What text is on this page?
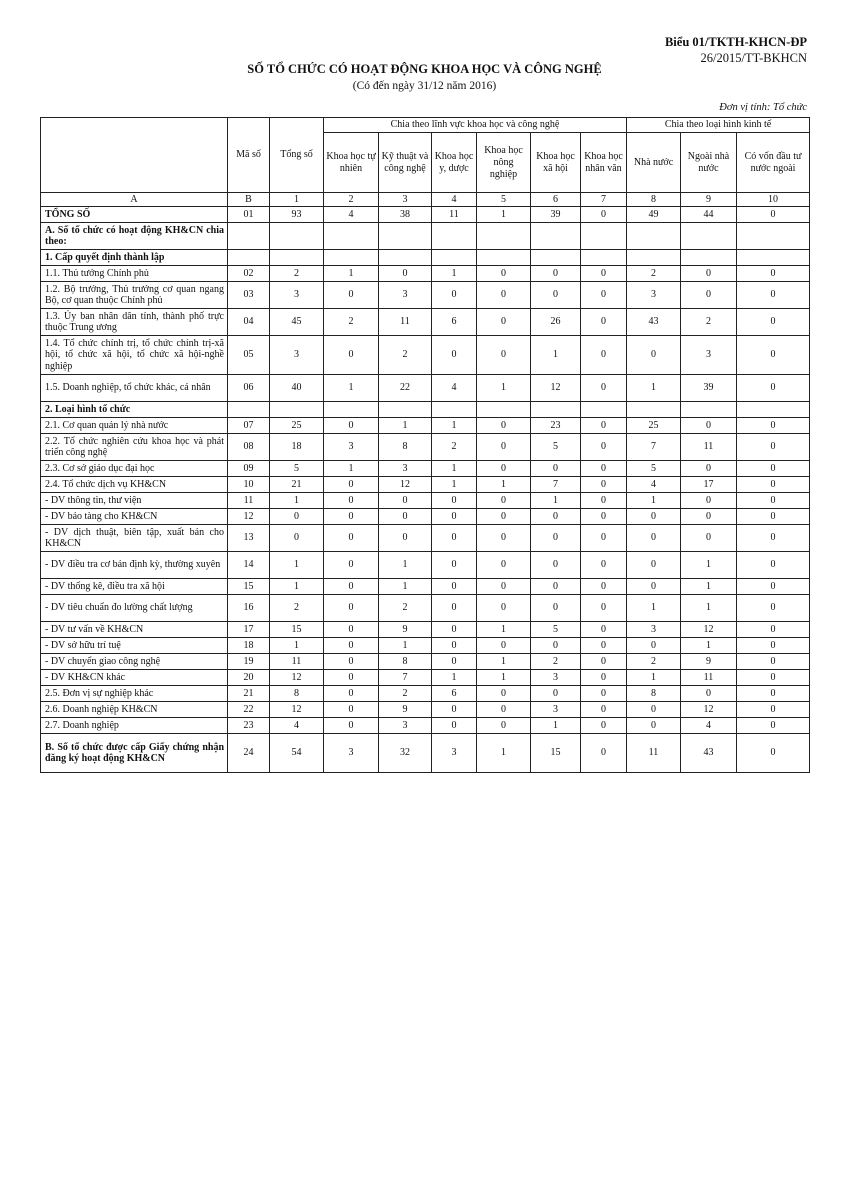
Biểu 01/TKTH-KHCN-ĐP
26/2015/TT-BKHCN
SỐ TỔ CHỨC CÓ HOẠT ĐỘNG KHOA HỌC VÀ CÔNG NGHỆ
(Có đến ngày 31/12 năm 2016)
Đơn vị tính: Tổ chức
	Mã số	Tổng số	Chia theo lĩnh vực khoa học và công nghệ						Chia theo loại hình kinh tế		
			Khoa học tự nhiên	Kỹ thuật và công nghệ	Khoa học y, dược	Khoa học nông nghiệp	Khoa học xã hội	Khoa học nhân văn	Nhà nước	Ngoài nhà nước	Có vốn đầu tư nước ngoài
A	B	1	2	3	4	5	6	7	8	9	10
TỔNG SỐ	01	93	4	38	11	1	39	0	49	44	0
A. Số tổ chức có hoạt động KH&CN chia theo:											
1. Cấp quyết định thành lập											
1.1. Thủ tướng Chính phủ	02	2	1	0	1	0	0	0	2	0	0
1.2. Bộ trưởng, Thủ trưởng cơ quan ngang Bộ, cơ quan thuộc Chính phủ	03	3	0	3	0	0	0	0	3	0	0
1.3. Ủy ban nhân dân tỉnh, thành phố trực thuộc Trung ương	04	45	2	11	6	0	26	0	43	2	0
1.4. Tổ chức chính trị, tổ chức chính trị-xã hội, tổ chức xã hội, tổ chức xã hội-nghề nghiệp	05	3	0	2	0	0	1	0	0	3	0
1.5. Doanh nghiệp, tổ chức khác, cá nhân	06	40	1	22	4	1	12	0	1	39	0
2. Loại hình tổ chức											
2.1. Cơ quan quản lý nhà nước	07	25	0	1	1	0	23	0	25	0	0
2.2. Tổ chức nghiên cứu khoa học và phát triển công nghệ	08	18	3	8	2	0	5	0	7	11	0
2.3. Cơ sở giáo dục đại học	09	5	1	3	1	0	0	0	5	0	0
2.4. Tổ chức dịch vụ KH&CN	10	21	0	12	1	1	7	0	4	17	0
- DV thông tin, thư viện	11	1	0	0	0	0	1	0	1	0	0
- DV bảo tàng cho KH&CN	12	0	0	0	0	0	0	0	0	0	0
- DV dịch thuật, biên tập, xuất bản cho KH&CN	13	0	0	0	0	0	0	0	0	0	0
- DV điều tra cơ bản định kỳ, thường xuyên	14	1	0	1	0	0	0	0	0	1	0
- DV thống kê, điều tra xã hội	15	1	0	1	0	0	0	0	0	1	0
- DV tiêu chuẩn đo lường chất lượng	16	2	0	2	0	0	0	0	1	1	0
- DV tư vấn về KH&CN	17	15	0	9	0	1	5	0	3	12	0
- DV sở hữu trí tuệ	18	1	0	1	0	0	0	0	0	1	0
- DV chuyển giao công nghệ	19	11	0	8	0	1	2	0	2	9	0
- DV KH&CN khác	20	12	0	7	1	1	3	0	1	11	0
2.5. Đơn vị sự nghiệp khác	21	8	0	2	6	0	0	0	8	0	0
2.6. Doanh nghiệp KH&CN	22	12	0	9	0	0	3	0	0	12	0
2.7. Doanh nghiệp	23	4	0	3	0	0	1	0	0	4	0
B. Số tổ chức được cấp Giấy chứng nhận đăng ký hoạt động KH&CN	24	54	3	32	3	1	15	0	11	43	0
